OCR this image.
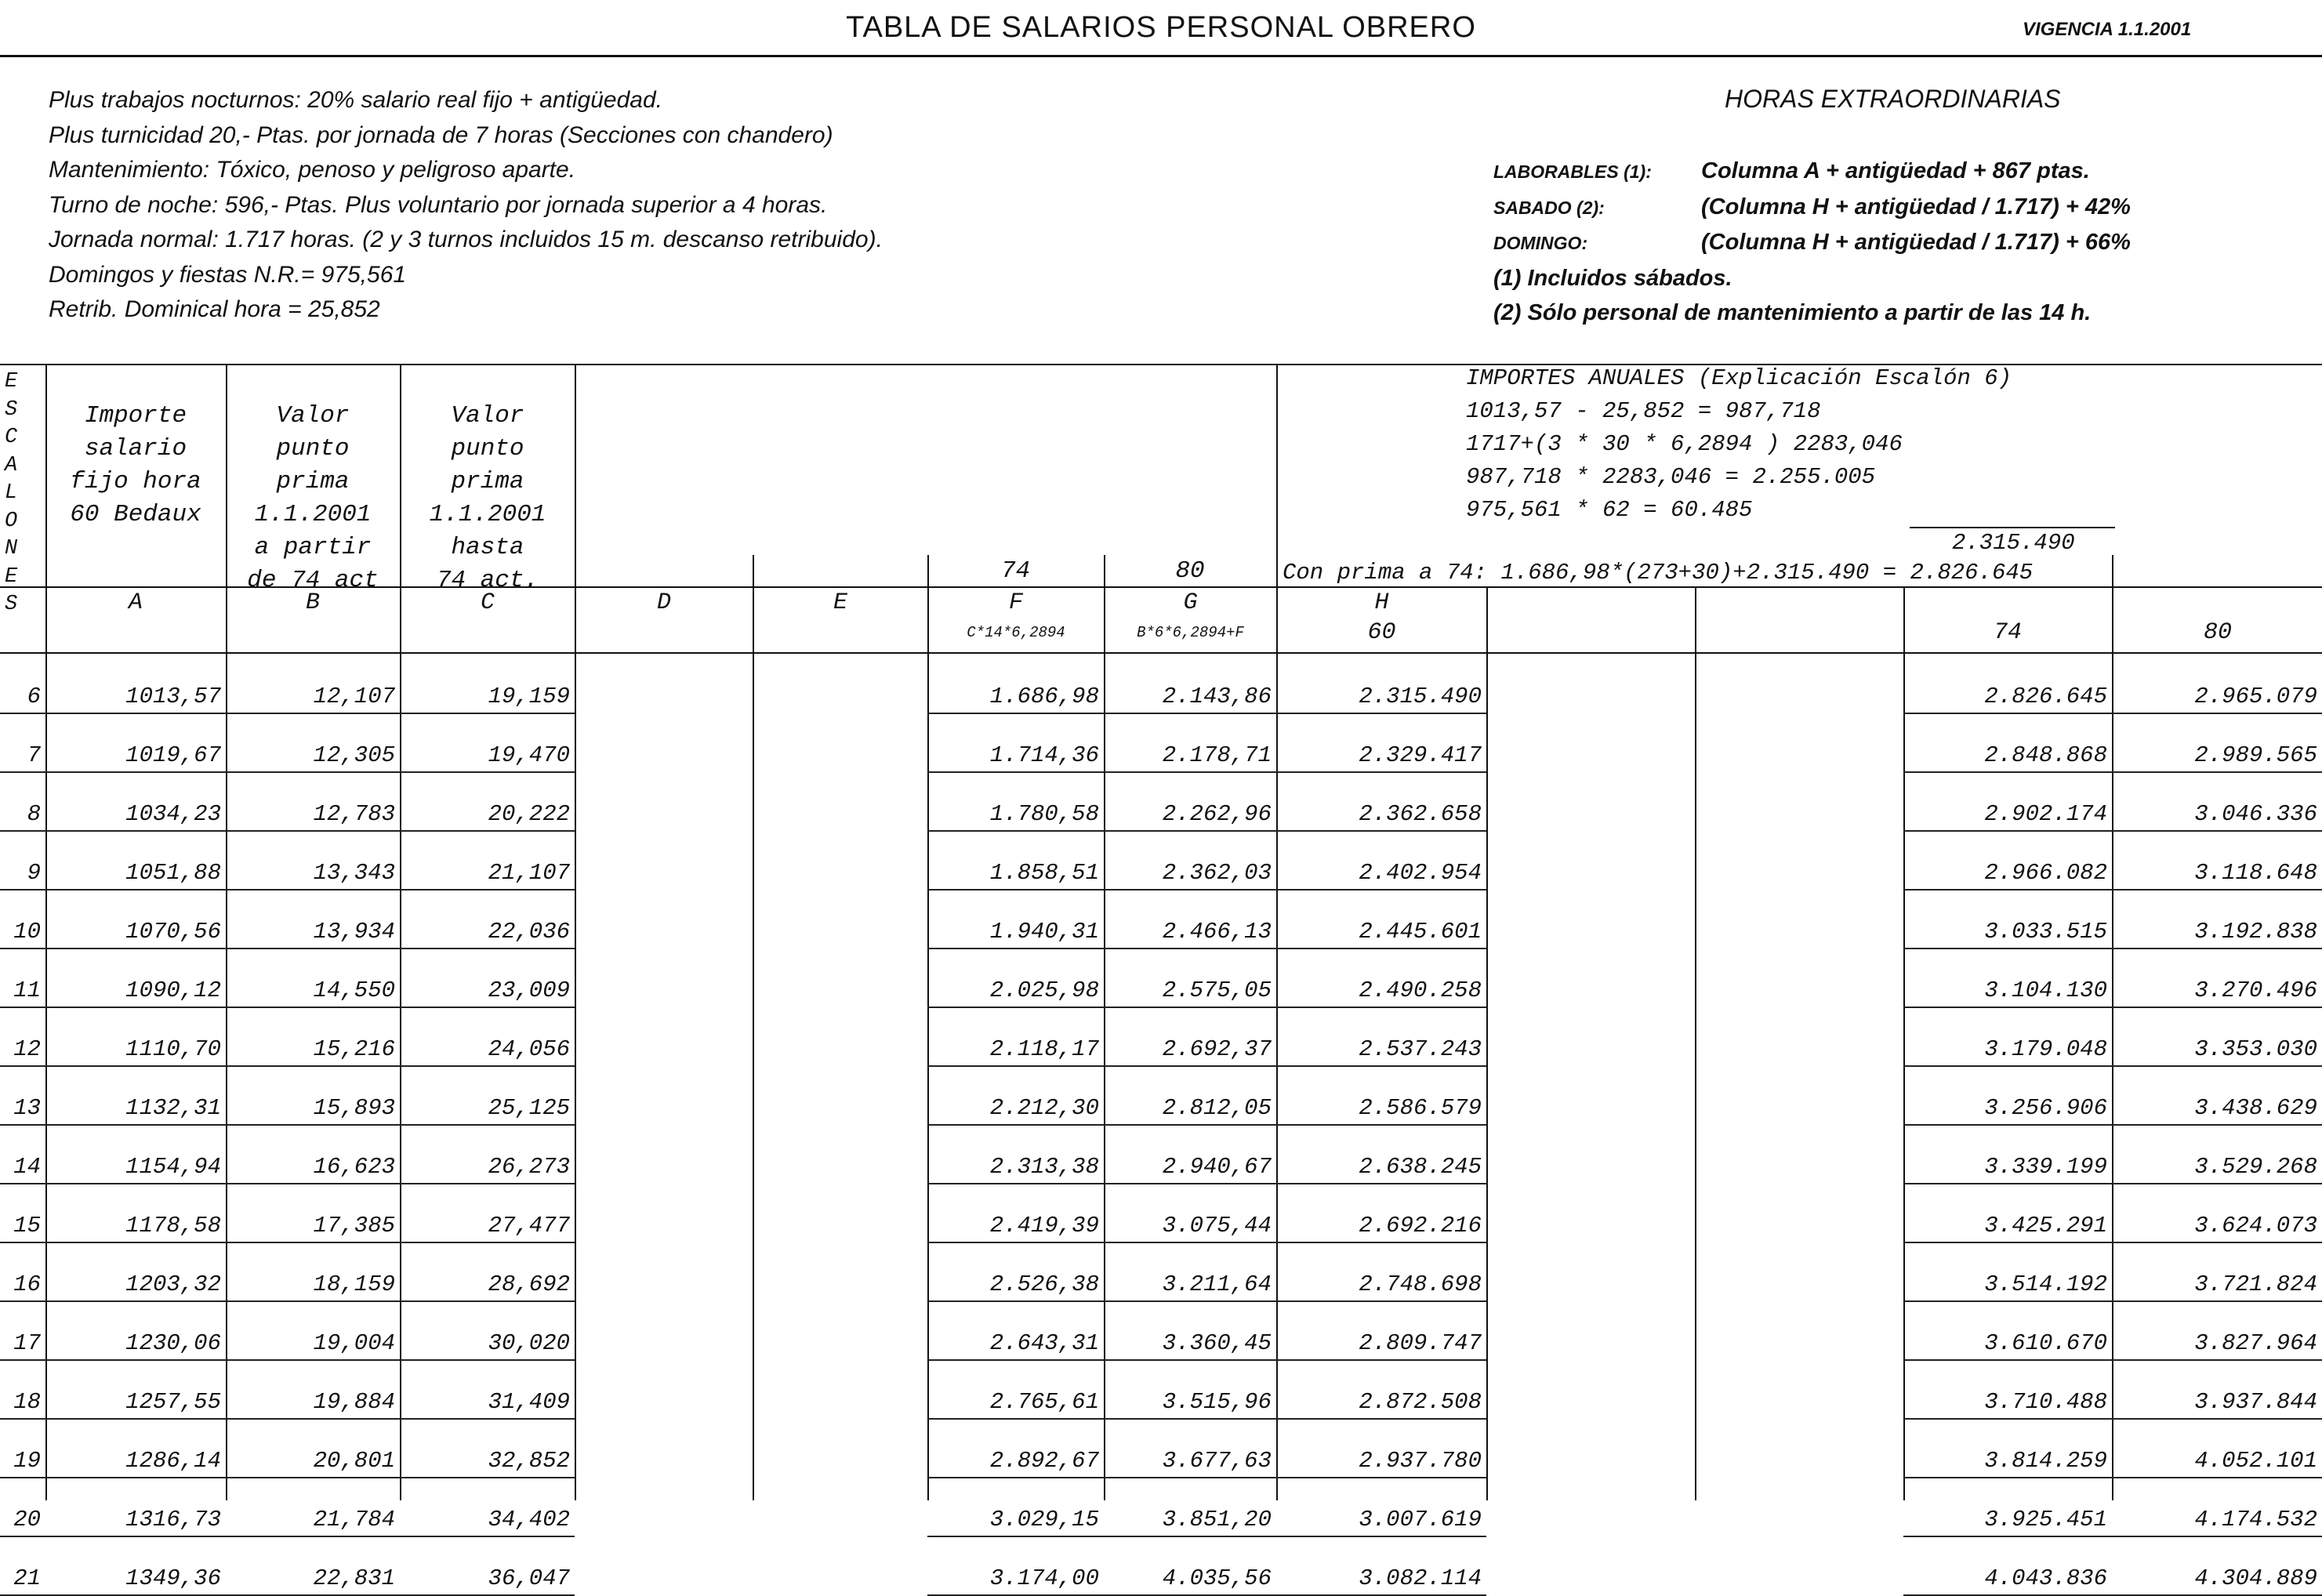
TABLA DE SALARIOS PERSONAL OBRERO	VIGENCIA 1.1.2001
Plus trabajos nocturnos: 20% salario real fijo + antigüedad.
Plus turnicidad 20,- Ptas. por jornada de 7 horas (Secciones con chandero)
Mantenimiento: Tóxico, penoso y peligroso aparte.
Turno de noche: 596,- Ptas. Plus voluntario por jornada superior a 4 horas.
Jornada normal: 1.717 horas. (2 y 3 turnos incluidos 15 m. descanso retribuido).
Domingos y fiestas N.R.= 975,561
Retrib. Dominical hora = 25,852
HORAS EXTRAORDINARIAS
LABORABLES (1): Columna A + antigüedad + 867 ptas.
SABADO (2):	(Columna H + antigüedad / 1.717) + 42%
DOMINGO:	(Columna H + antigüedad / 1.717) + 66%
(1) Incluidos sábados.
(2) Sólo personal de mantenimiento a partir de las 14 h.
E
S
C
A
L
O
N
E
S
Importe
salario
fijo hora
60 Bedaux
Valor
punto
prima
1.1.2001
a partir
de 74 act
Valor
punto
prima
1.1.2001
hasta
74 act.	74	80
A	B	C	D	E	F	G	H
C*14*6,2894	B*6*6,2894+F	60	74	80
IMPORTES ANUALES (Explicación Escalón 6)
1013,57 - 25,852 = 987,718
1717+(3 * 30 * 6,2894 ) 2283,046
987,718 * 2283,046 = 2.255.005
975,561 * 62 = 60.485
2.315.490
Con prima a 74: 1.686,98*(273+30)+2.315.490 = 2.826.645

6	1013,57	12,107	19,159			1.686,98	2.143,86	2.315.490			2.826.645	2.965.079
7	1019,67	12,305	19,470			1.714,36	2.178,71	2.329.417			2.848.868	2.989.565
8	1034,23	12,783	20,222			1.780,58	2.262,96	2.362.658			2.902.174	3.046.336
9	1051,88	13,343	21,107			1.858,51	2.362,03	2.402.954			2.966.082	3.118.648
10	1070,56	13,934	22,036			1.940,31	2.466,13	2.445.601			3.033.515	3.192.838
11	1090,12	14,550	23,009			2.025,98	2.575,05	2.490.258			3.104.130	3.270.496
12	1110,70	15,216	24,056			2.118,17	2.692,37	2.537.243			3.179.048	3.353.030
13	1132,31	15,893	25,125			2.212,30	2.812,05	2.586.579			3.256.906	3.438.629
14	1154,94	16,623	26,273			2.313,38	2.940,67	2.638.245			3.339.199	3.529.268
15	1178,58	17,385	27,477			2.419,39	3.075,44	2.692.216			3.425.291	3.624.073
16	1203,32	18,159	28,692			2.526,38	3.211,64	2.748.698			3.514.192	3.721.824
17	1230,06	19,004	30,020			2.643,31	3.360,45	2.809.747			3.610.670	3.827.964
18	1257,55	19,884	31,409			2.765,61	3.515,96	2.872.508			3.710.488	3.937.844
19	1286,14	20,801	32,852			2.892,67	3.677,63	2.937.780			3.814.259	4.052.101
20	1316,73	21,784	34,402			3.029,15	3.851,20	3.007.619			3.925.451	4.174.532
21	1349,36	22,831	36,047			3.174,00	4.035,56	3.082.114			4.043.836	4.304.889
